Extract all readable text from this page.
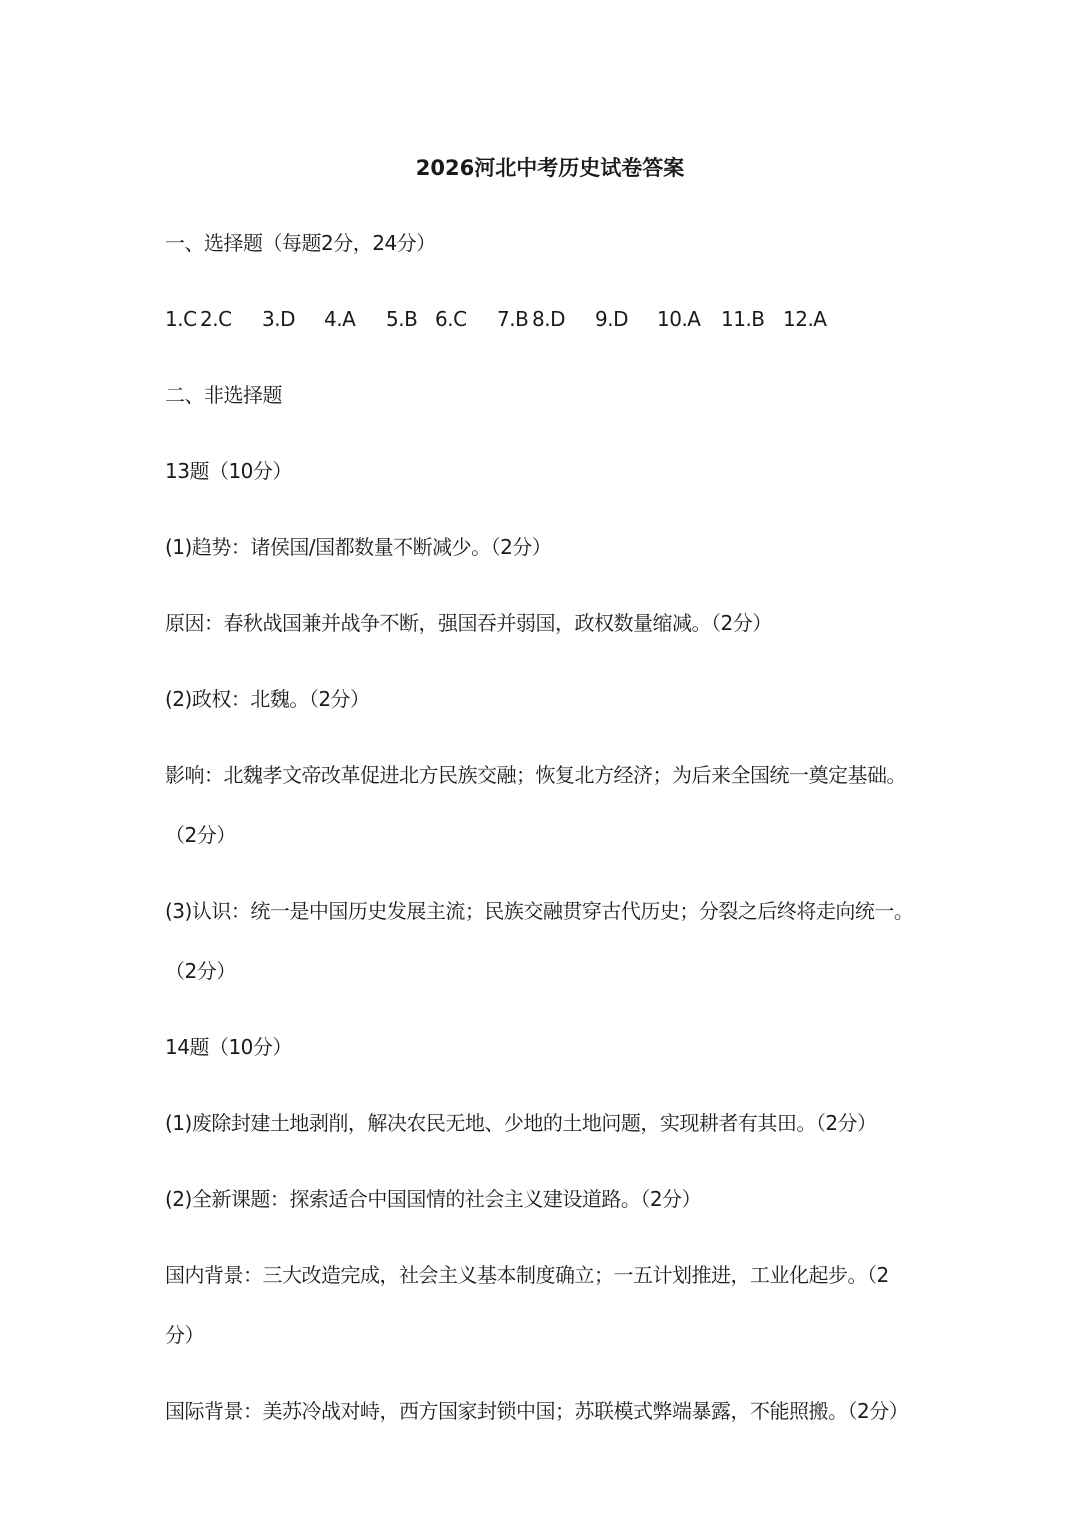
2026河北中考历史试卷答案
一、选择题（每题2分，24分）
1.C 2.C 3.D 4.A 5.B 6.C 7.B 8.D 9.D 10.A 11.B 12.A
二、非选择题
13题（10分）
(1)趋势：诸侯国/国都数量不断减少。（2分）
原因：春秋战国兼并战争不断，强国吞并弱国，政权数量缩减。（2分）
(2)政权：北魏。（2分）
影响：北魏孝文帝改革促进北方民族交融；恢复北方经济；为后来全国统一奠定基础。
（2分）
(3)认识：统一是中国历史发展主流；民族交融贯穿古代历史；分裂之后终将走向统一。
（2分）
14题（10分）
(1)废除封建土地剥削，解决农民无地、少地的土地问题，实现耕者有其田。（2分）
(2)全新课题：探索适合中国国情的社会主义建设道路。（2分）
国内背景：三大改造完成，社会主义基本制度确立；一五计划推进，工业化起步。（2
分）
国际背景：美苏冷战对峙，西方国家封锁中国；苏联模式弊端暴露，不能照搬。（2分）
